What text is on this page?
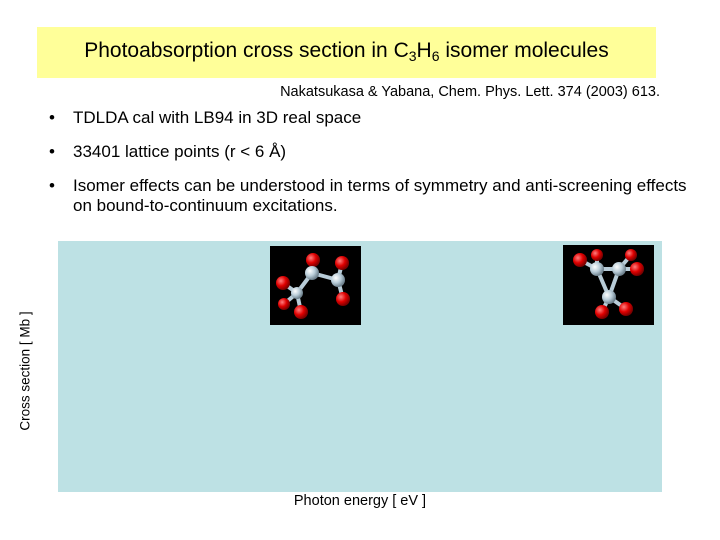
Photoabsorption cross section in $C_3H_6$ isomer molecules
Nakatsukasa & Yabana, Chem. Phys. Lett. 374 (2003) 613.
• TDLDA cal with LB94 in 3D real space
• 33401 lattice points (r < 6 Å)
• Isomer effects can be understood in terms of symmetry and anti-screening effects on bound-to-continuum excitations.
Cross section [ Mb ]
Photon energy [ eV ]
